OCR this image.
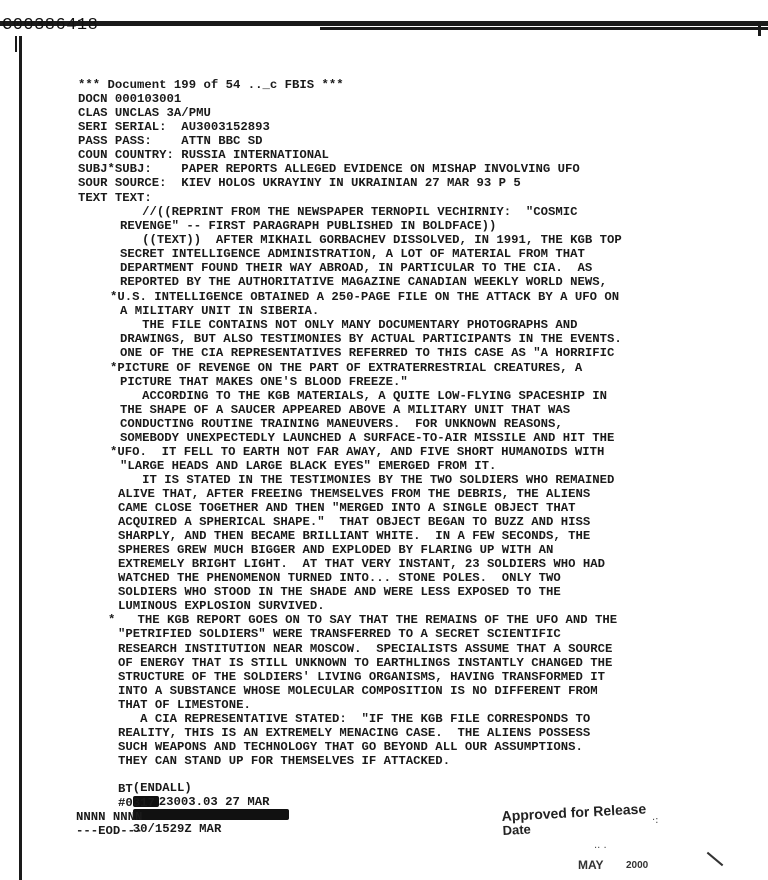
C00386418
*** Document 199 of 54 .._c FBIS ***
DOCN 000103001
CLAS UNCLAS 3A/PMU
SERI SERIAL:  AU3003152893
PASS PASS:    ATTN BBC SD
COUN COUNTRY: RUSSIA INTERNATIONAL
SUBJ*SUBJ:    PAPER REPORTS ALLEGED EVIDENCE ON MISHAP INVOLVING UFO
SOUR SOURCE:  KIEV HOLOS UKRAYINY IN UKRAINIAN 27 MAR 93 P 5
TEXT TEXT:
//((REPRINT FROM THE NEWSPAPER TERNOPIL VECHIRNIY:  "COSMIC
REVENGE" -- FIRST PARAGRAPH PUBLISHED IN BOLDFACE))
((TEXT))  AFTER MIKHAIL GORBACHEV DISSOLVED, IN 1991, THE KGB TOP
SECRET INTELLIGENCE ADMINISTRATION, A LOT OF MATERIAL FROM THAT
DEPARTMENT FOUND THEIR WAY ABROAD, IN PARTICULAR TO THE CIA.  AS
REPORTED BY THE AUTHORITATIVE MAGAZINE CANADIAN WEEKLY WORLD NEWS,
*U.S. INTELLIGENCE OBTAINED A 250-PAGE FILE ON THE ATTACK BY A UFO ON
A MILITARY UNIT IN SIBERIA.
THE FILE CONTAINS NOT ONLY MANY DOCUMENTARY PHOTOGRAPHS AND
DRAWINGS, BUT ALSO TESTIMONIES BY ACTUAL PARTICIPANTS IN THE EVENTS.
ONE OF THE CIA REPRESENTATIVES REFERRED TO THIS CASE AS "A HORRIFIC
*PICTURE OF REVENGE ON THE PART OF EXTRATERRESTRIAL CREATURES, A
PICTURE THAT MAKES ONE'S BLOOD FREEZE."
ACCORDING TO THE KGB MATERIALS, A QUITE LOW-FLYING SPACESHIP IN
THE SHAPE OF A SAUCER APPEARED ABOVE A MILITARY UNIT THAT WAS
CONDUCTING ROUTINE TRAINING MANEUVERS.  FOR UNKNOWN REASONS,
SOMEBODY UNEXPECTEDLY LAUNCHED A SURFACE-TO-AIR MISSILE AND HIT THE
*UFO.  IT FELL TO EARTH NOT FAR AWAY, AND FIVE SHORT HUMANOIDS WITH
"LARGE HEADS AND LARGE BLACK EYES" EMERGED FROM IT.
IT IS STATED IN THE TESTIMONIES BY THE TWO SOLDIERS WHO REMAINED
ALIVE THAT, AFTER FREEING THEMSELVES FROM THE DEBRIS, THE ALIENS
CAME CLOSE TOGETHER AND THEN "MERGED INTO A SINGLE OBJECT THAT
ACQUIRED A SPHERICAL SHAPE."  THAT OBJECT BEGAN TO BUZZ AND HISS
SHARPLY, AND THEN BECAME BRILLIANT WHITE.  IN A FEW SECONDS, THE
SPHERES GREW MUCH BIGGER AND EXPLODED BY FLARING UP WITH AN
EXTREMELY BRIGHT LIGHT.  AT THAT VERY INSTANT, 23 SOLDIERS WHO HAD
WATCHED THE PHENOMENON TURNED INTO... STONE POLES.  ONLY TWO
SOLDIERS WHO STOOD IN THE SHADE AND WERE LESS EXPOSED TO THE
LUMINOUS EXPLOSION SURVIVED.
*   THE KGB REPORT GOES ON TO SAY THAT THE REMAINS OF THE UFO AND THE
"PETRIFIED SOLDIERS" WERE TRANSFERRED TO A SECRET SCIENTIFIC
RESEARCH INSTITUTION NEAR MOSCOW.  SPECIALISTS ASSUME THAT A SOURCE
OF ENERGY THAT IS STILL UNKNOWN TO EARTHLINGS INSTANTLY CHANGED THE
STRUCTURE OF THE SOLDIERS' LIVING ORGANISMS, HAVING TRANSFORMED IT
INTO A SUBSTANCE WHOSE MOLECULAR COMPOSITION IS NO DIFFERENT FROM
THAT OF LIMESTONE.
A CIA REPRESENTATIVE STATED:  "IF THE KGB FILE CORRESPONDS TO
REALITY, THIS IS AN EXTREMELY MENACING CASE.  THE ALIENS POSSESS
SUCH WEAPONS AND TECHNOLOGY THAT GO BEYOND ALL OUR ASSUMPTIONS.
THEY CAN STAND UP FOR THEMSELVES IF ATTACKED.

(ENDALL)
23003.03 27 MAR

30/1529Z MAR

BT
#0317
NNNN NNNN
---EOD---
Approved for Release
Date
MAY 2000
·:
.. .
